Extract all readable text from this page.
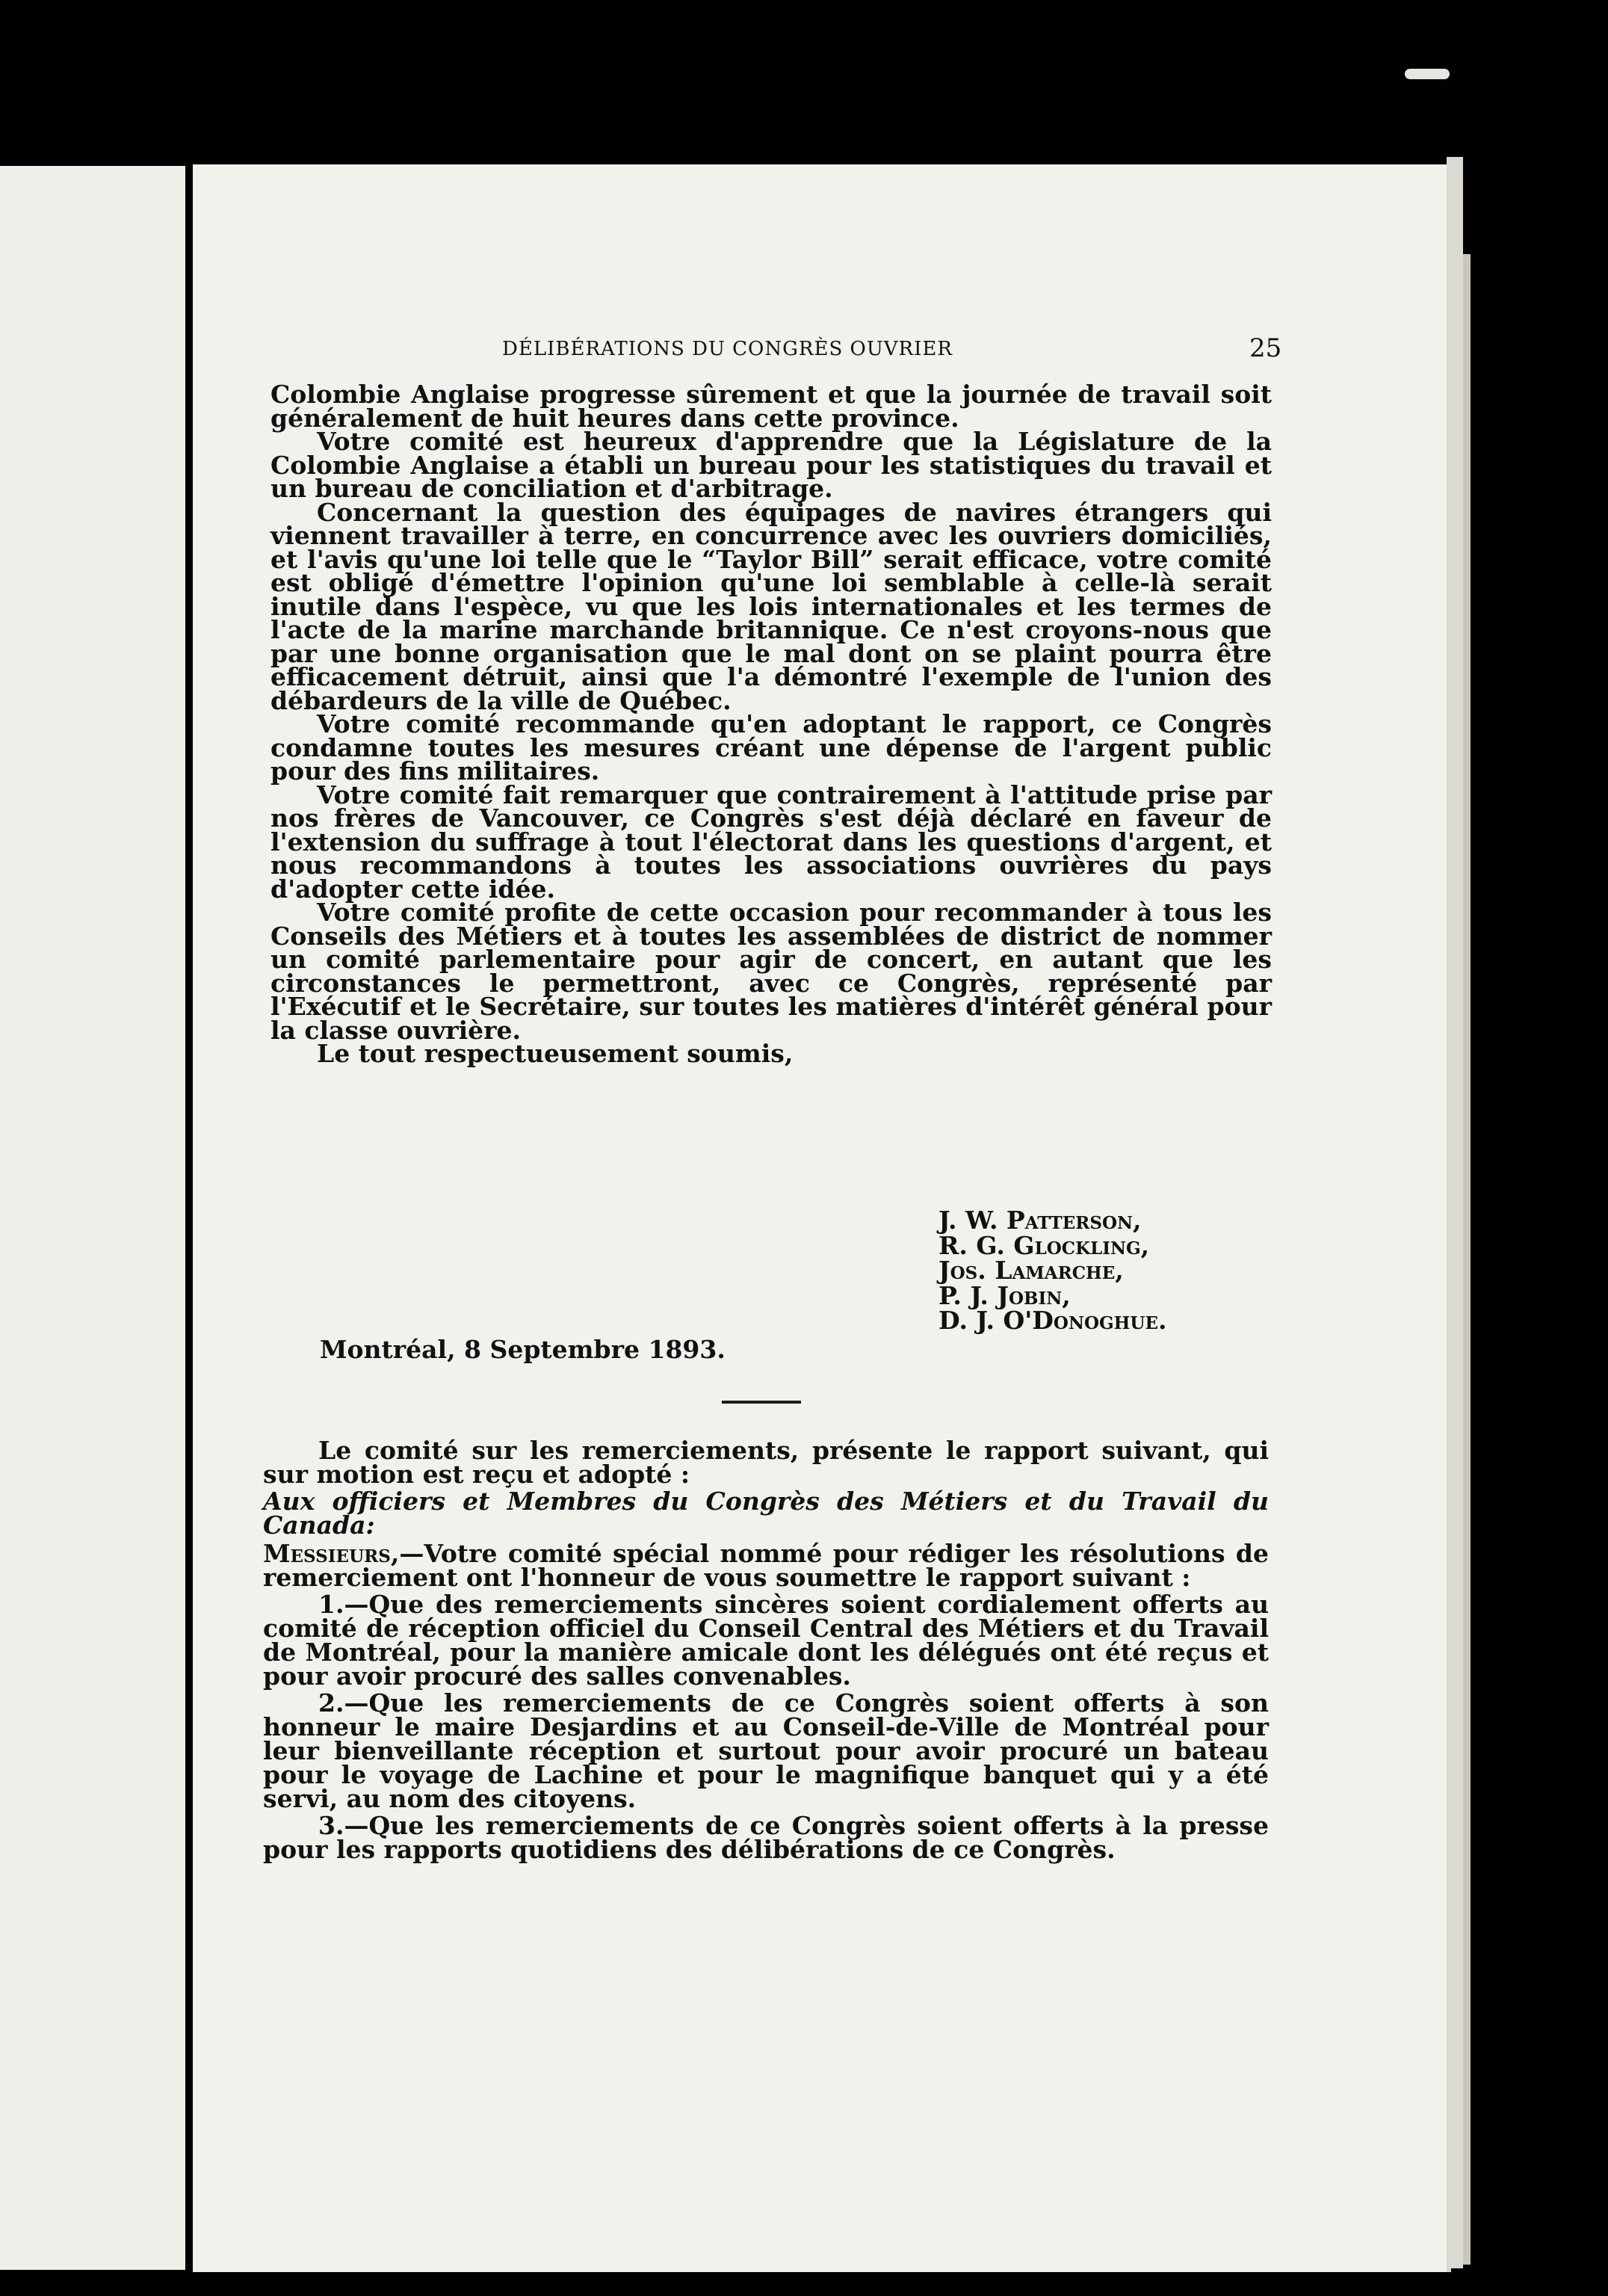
DÉLIBÉRATIONS DU CONGRÈS OUVRIER	25

Colombie Anglaise progresse sûrement et que la journée de travail soit généralement de huit heures dans cette province.

Votre comité est heureux d'apprendre que la Législature de la Colombie Anglaise a établi un bureau pour les statistiques du travail et un bureau de conciliation et d'arbitrage.

Concernant la question des équipages de navires étrangers qui viennent travailler à terre, en concurrence avec les ouvriers domiciliés, et l'avis qu'une loi telle que le “Taylor Bill” serait efficace, votre comité est obligé d'émettre l'opinion qu'une loi semblable à celle-là serait inutile dans l'espèce, vu que les lois internationales et les termes de l'acte de la marine marchande britannique. Ce n'est croyons-nous que par une bonne organisation que le mal dont on se plaint pourra être efficacement détruit, ainsi que l'a démontré l'exemple de l'union des débardeurs de la ville de Québec.

Votre comité recommande qu'en adoptant le rapport, ce Congrès condamne toutes les mesures créant une dépense de l'argent public pour des fins militaires.

Votre comité fait remarquer que contrairement à l'attitude prise par nos frères de Vancouver, ce Congrès s'est déjà déclaré en faveur de l'extension du suffrage à tout l'électorat dans les questions d'argent, et nous recommandons à toutes les associations ouvrières du pays d'adopter cette idée.

Votre comité profite de cette occasion pour recommander à tous les Conseils des Métiers et à toutes les assemblées de district de nommer un comité parlementaire pour agir de concert, en autant que les circonstances le permettront, avec ce Congrès, représenté par l'Exécutif et le Secrétaire, sur toutes les matières d'intérêt général pour la classe ouvrière.

Le tout respectueusement soumis,

J. W. Patterson,
R. G. Glockling,
Jos. Lamarche,
P. J. Jobin,
D. J. O'Donoghue.
Montréal, 8 Septembre 1893.

Le comité sur les remerciements, présente le rapport suivant, qui sur motion est reçu et adopté :

Aux officiers et Membres du Congrès des Métiers et du Travail du Canada:

Messieurs,—Votre comité spécial nommé pour rédiger les résolutions de remerciement ont l'honneur de vous soumettre le rapport suivant :

1.—Que des remerciements sincères soient cordialement offerts au comité de réception officiel du Conseil Central des Métiers et du Travail de Montréal, pour la manière amicale dont les délégués ont été reçus et pour avoir procuré des salles convenables.

2.—Que les remerciements de ce Congrès soient offerts à son honneur le maire Desjardins et au Conseil-de-Ville de Montréal pour leur bienveillante réception et surtout pour avoir procuré un bateau pour le voyage de Lachine et pour le magnifique banquet qui y a été servi, au nom des citoyens.

3.—Que les remerciements de ce Congrès soient offerts à la presse pour les rapports quotidiens des délibérations de ce Congrès.
